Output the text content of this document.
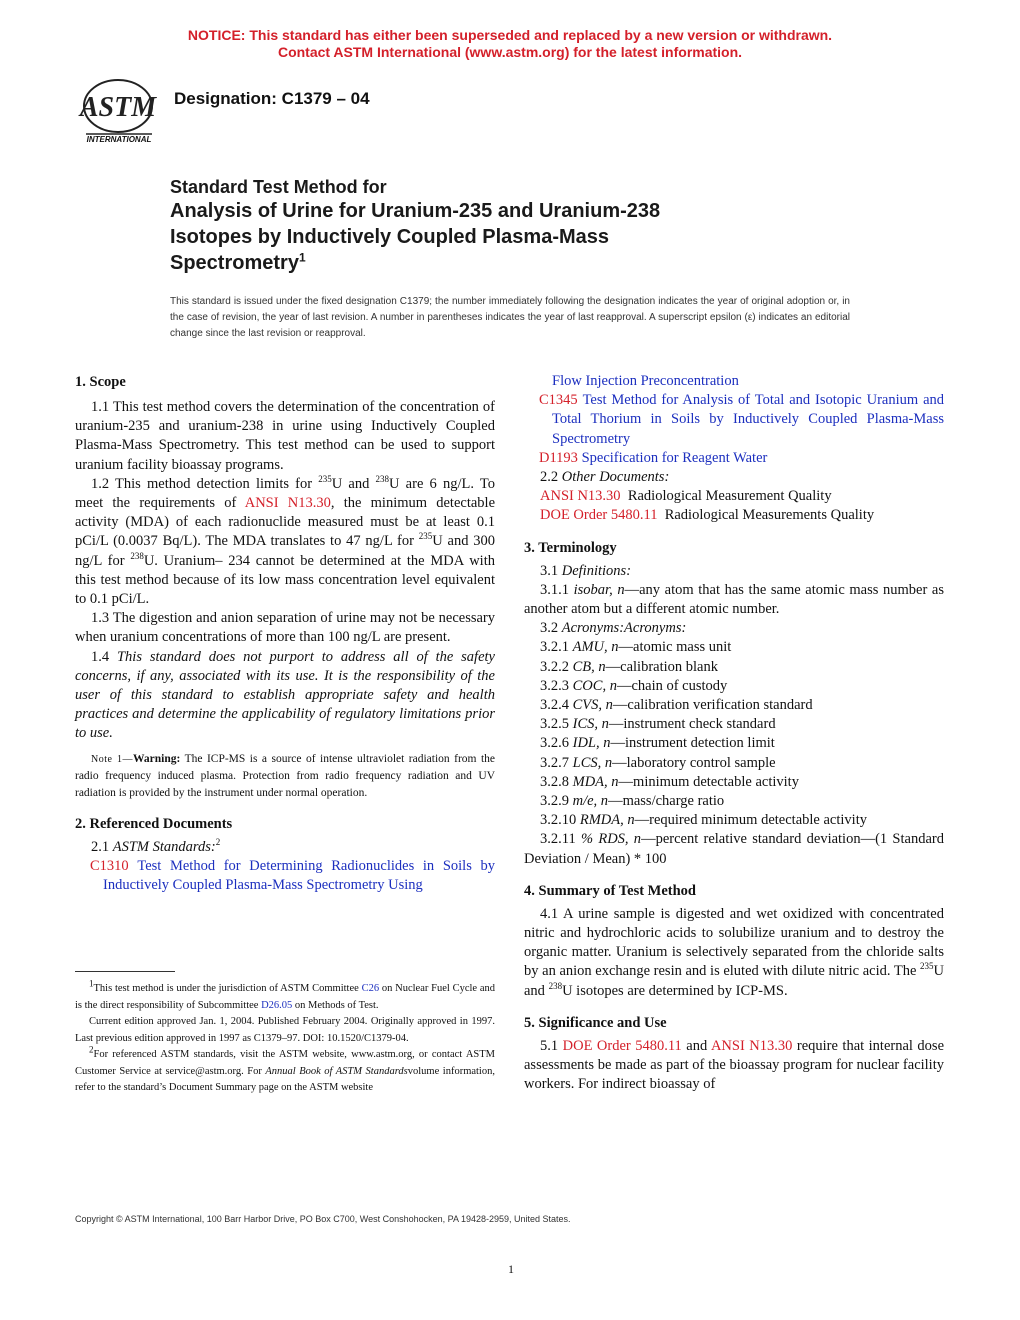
NOTICE: This standard has either been superseded and replaced by a new version or withdrawn.
Contact ASTM International (www.astm.org) for the latest information.
ASTM
INTERNATIONAL
Designation: C1379 – 04
Standard Test Method for
Analysis of Urine for Uranium-235 and Uranium-238
Isotopes by Inductively Coupled Plasma-Mass
Spectrometry$^1$
This standard is issued under the fixed designation C1379; the number immediately following the designation indicates the year of original adoption or, in the case of revision, the year of last revision. A number in parentheses indicates the year of last reapproval. A superscript epsilon (ε) indicates an editorial change since the last revision or reapproval.
1. Scope

1.1 This test method covers the determination of the concentration of uranium-235 and uranium-238 in urine using Inductively Coupled Plasma-Mass Spectrometry. This test method can be used to support uranium facility bioassay programs.

1.2 This method detection limits for $^{235}$U and $^{238}$U are 6 ng/L. To meet the requirements of ANSI N13.30, the minimum detectable activity (MDA) of each radionuclide measured must be at least 0.1 pCi/L (0.0037 Bq/L). The MDA translates to 47 ng/L for $^{235}$U and 300 ng/L for $^{238}$U. Uranium– 234 cannot be determined at the MDA with this test method because of its low mass concentration level equivalent to 0.1 pCi/L.

1.3 The digestion and anion separation of urine may not be necessary when uranium concentrations of more than 100 ng/L are present.

1.4 This standard does not purport to address all of the safety concerns, if any, associated with its use. It is the responsibility of the user of this standard to establish appropriate safety and health practices and determine the applicability of regulatory limitations prior to use.

Note 1—Warning: The ICP-MS is a source of intense ultraviolet radiation from the radio frequency induced plasma. Protection from radio frequency radiation and UV radiation is provided by the instrument under normal operation.

2. Referenced Documents

2.1 ASTM Standards:$^2$

C1310 Test Method for Determining Radionuclides in Soils by Inductively Coupled Plasma-Mass Spectrometry Using

$^1$This test method is under the jurisdiction of ASTM Committee C26 on Nuclear Fuel Cycle and is the direct responsibility of Subcommittee D26.05 on Methods of Test.

Current edition approved Jan. 1, 2004. Published February 2004. Originally approved in 1997. Last previous edition approved in 1997 as C1379–97. DOI: 10.1520/C1379-04.

$^2$For referenced ASTM standards, visit the ASTM website, www.astm.org, or contact ASTM Customer Service at service@astm.org. For Annual Book of ASTM Standardsvolume information, refer to the standard’s Document Summary page on the ASTM website

Flow Injection Preconcentration

C1345 Test Method for Analysis of Total and Isotopic Uranium and Total Thorium in Soils by Inductively Coupled Plasma-Mass Spectrometry

D1193 Specification for Reagent Water

2.2 Other Documents:

ANSI N13.30 Radiological Measurement Quality

DOE Order 5480.11 Radiological Measurements Quality

3. Terminology

3.1 Definitions:

3.1.1 isobar, n—any atom that has the same atomic mass number as another atom but a different atomic number.

3.2 Acronyms:Acronyms:

3.2.1 AMU, n—atomic mass unit

3.2.2 CB, n—calibration blank

3.2.3 COC, n—chain of custody

3.2.4 CVS, n—calibration verification standard

3.2.5 ICS, n—instrument check standard

3.2.6 IDL, n—instrument detection limit

3.2.7 LCS, n—laboratory control sample

3.2.8 MDA, n—minimum detectable activity

3.2.9 m/e, n—mass/charge ratio

3.2.10 RMDA, n—required minimum detectable activity

3.2.11 % RDS, n—percent relative standard deviation—(1 Standard Deviation / Mean) * 100

4. Summary of Test Method

4.1 A urine sample is digested and wet oxidized with concentrated nitric and hydrochloric acids to solubilize uranium and to destroy the organic matter. Uranium is selectively separated from the chloride salts by an anion exchange resin and is eluted with dilute nitric acid. The $^{235}$U and $^{238}$U isotopes are determined by ICP-MS.

5. Significance and Use

5.1 DOE Order 5480.11 and ANSI N13.30 require that internal dose assessments be made as part of the bioassay program for nuclear facility workers. For indirect bioassay of

Copyright © ASTM International, 100 Barr Harbor Drive, PO Box C700, West Conshohocken, PA 19428-2959, United States.
1
